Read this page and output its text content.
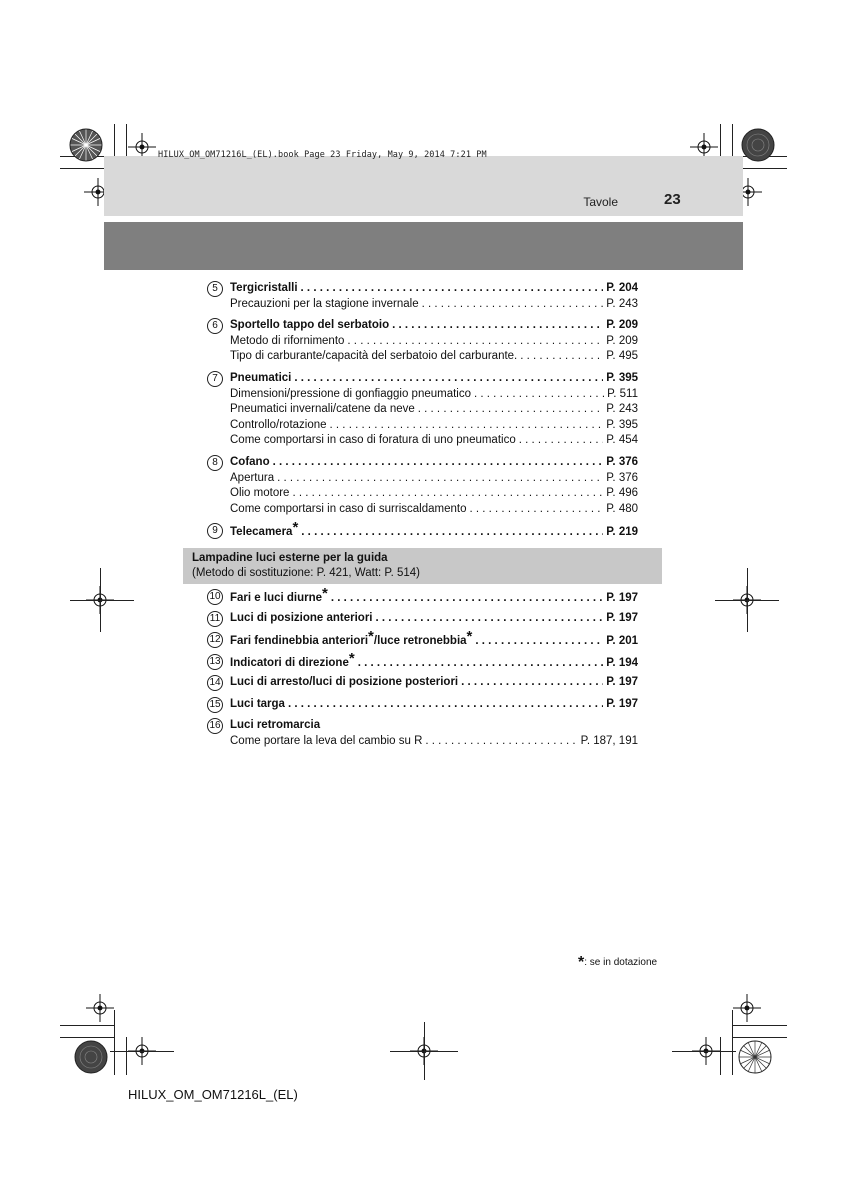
HILUX_OM_OM71216L_(EL).book Page 23 Friday, May 9, 2014 7:21 PM
Tavole	23
5	Tergicristalli . . .	P. 204
Precauzioni per la stagione invernale . . .	P. 243
6	Sportello tappo del serbatoio . . .	P. 209
Metodo di rifornimento . . .	P. 209
Tipo di carburante/capacità del serbatoio del carburante. . . .	P. 495
7	Pneumatici . . .	P. 395
Dimensioni/pressione di gonfiaggio pneumatico . . .	P. 511
Pneumatici invernali/catene da neve . . .	P. 243
Controllo/rotazione . . .	P. 395
Come comportarsi in caso di foratura di uno pneumatico . . .	P. 454
8	Cofano . . .	P. 376
Apertura . . .	P. 376
Olio motore . . .	P. 496
Come comportarsi in caso di surriscaldamento . . .	P. 480
9	Telecamera* . . .	P. 219
Lampadine luci esterne per la guida
(Metodo di sostituzione: P. 421, Watt: P. 514)
10 Fari e luci diurne* . . .	P. 197
11 Luci di posizione anteriori . . .	P. 197
12 Fari fendinebbia anteriori*/luce retronebbia* . . .	P. 201
13 Indicatori di direzione* . . .	P. 194
14 Luci di arresto/luci di posizione posteriori . . .	P. 197
15 Luci targa . . .	P. 197
16 Luci retromarcia
Come portare la leva del cambio su R . . .	P. 187, 191
*: se in dotazione
HILUX_OM_OM71216L_(EL)
